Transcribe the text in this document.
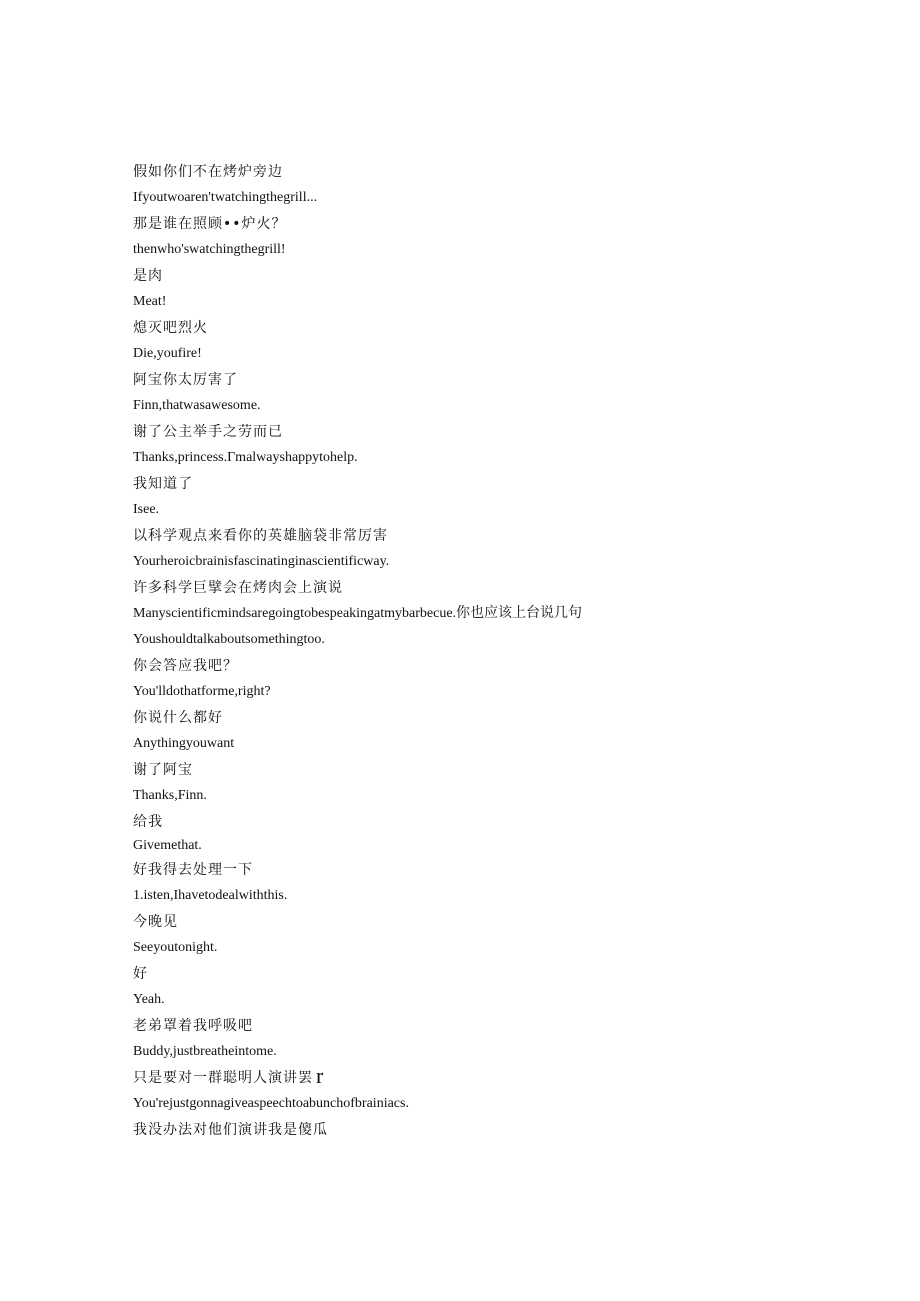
假如你们不在烤炉旁边

Ifyoutwoaren'twatchingthegrill...

那是谁在照顾••炉火？

thenwho'swatchingthegrill!

是肉

Meat!

熄灭吧烈火

Die,youfire!

阿宝你太厉害了

Finn,thatwasawesome.

谢了公主举手之劳而已

Thanks,princess.Γmalwayshappytohelp.

我知道了

Isee.

以科学观点来看你的英雄脑袋非常厉害

Yourheroicbrainisfascinatinginascientificway.

许多科学巨擘会在烤肉会上演说

Manyscientificmindsaregoingtobespeakingatmybarbecue.你也应该上台说几句

Youshouldtalkaboutsomethingtoo.

你会答应我吧？

You'lldothatforme,right?

你说什么都好

Anythingyouwant

谢了阿宝

Thanks,Finn.

给我

Givemethat.

好我得去处理一下

1.isten,Ihavetodealwiththis.

今晚见

Seeyoutonight.

好

Yeah.

老弟罩着我呼吸吧

Buddy,justbreatheintome.

只是要对一群聪明人演讲罢 r

You'rejustgonnagiveaspeechtoabunchofbrainiacs.

我没办法对他们演讲我是傻瓜
